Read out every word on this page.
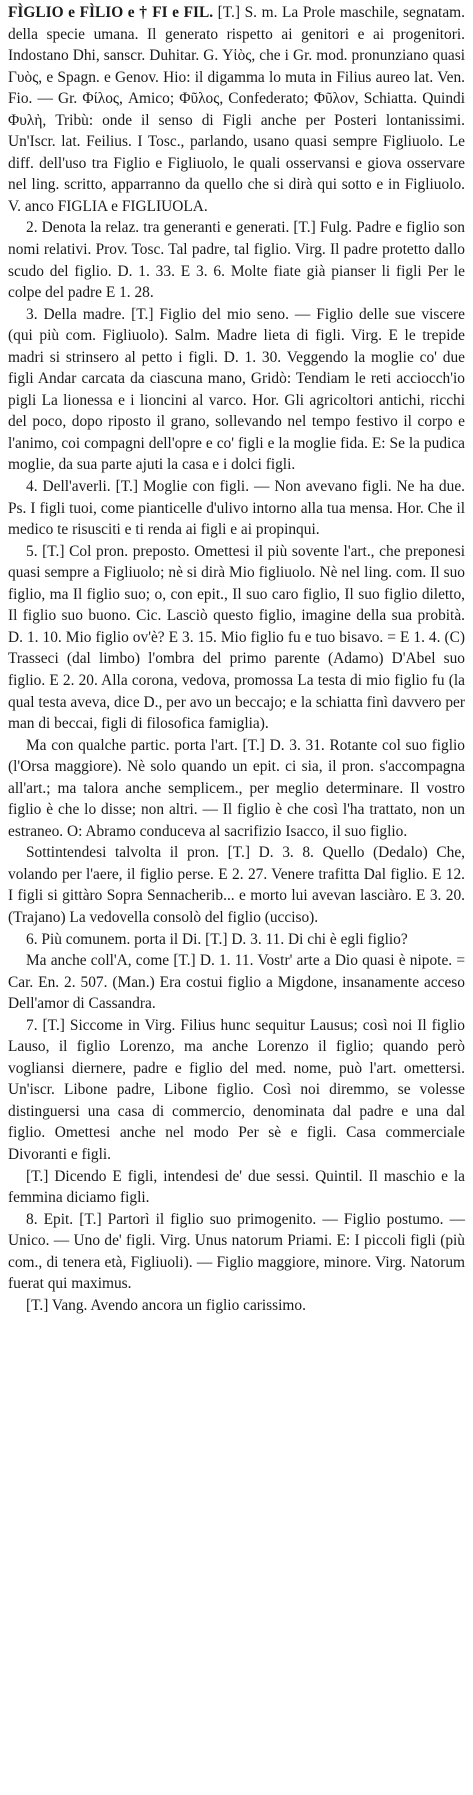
FÌGLIO e FÌLIO e † FI e FIL. [T.] S. m. La Prole maschile, segnatam. della specie umana. Il generato rispetto ai genitori e ai progenitori. Indostano Dhi, sanscr. Duhitar. G. Υἱὸς, che i Gr. mod. pronunziano quasi Γυὸς, e Spagn. e Genov. Hio: il digamma lo muta in Filius aureo lat. Ven. Fio. — Gr. Φίλος, Amico; Φῦλος, Confederato; Φῦλον, Schiatta. Quindi Φυλὴ, Tribù: onde il senso di Figli anche per Posteri lontanissimi. Un'Iscr. lat. Feilius. I Tosc., parlando, usano quasi sempre Figliuolo. Le diff. dell'uso tra Figlio e Figliuolo, le quali osservansi e giova osservare nel ling. scritto, apparranno da quello che si dirà qui sotto e in Figliuolo. V. anco FIGLIA e FIGLIUOLA.

2. Denota la relaz. tra generanti e generati. [T.] Fulg. Padre e figlio son nomi relativi. Prov. Tosc. Tal padre, tal figlio. Virg. Il padre protetto dallo scudo del figlio. D. 1. 33. E 3. 6. Molte fiate già pianser li figli Per le colpe del padre E 1. 28.

3. Della madre. [T.] Figlio del mio seno. — Figlio delle sue viscere (qui più com. Figliuolo). Salm. Madre lieta di figli. Virg. E le trepide madri si strinsero al petto i figli. D. 1. 30. Veggendo la moglie co' due figli Andar carcata da ciascuna mano, Gridò: Tendiam le reti acciocch'io pigli La lionessa e i lioncini al varco. Hor. Gli agricoltori antichi, ricchi del poco, dopo riposto il grano, sollevando nel tempo festivo il corpo e l'animo, coi compagni dell'opre e co' figli e la moglie fida. E: Se la pudica moglie, da sua parte ajuti la casa e i dolci figli.

4. Dell'averli. [T.] Moglie con figli. — Non avevano figli. Ne ha due. Ps. I figli tuoi, come pianticelle d'ulivo intorno alla tua mensa. Hor. Che il medico te risusciti e ti renda ai figli e ai propinqui.

5. [T.] Col pron. preposto. Omettesi il più sovente l'art., che preponesi quasi sempre a Figliuolo; nè si dirà Mio figliuolo. Nè nel ling. com. Il suo figlio, ma Il figlio suo; o, con epit., Il suo caro figlio, Il suo figlio diletto, Il figlio suo buono. Cic. Lasciò questo figlio, imagine della sua probità. D. 1. 10. Mio figlio ov'è? E 3. 15. Mio figlio fu e tuo bisavo. = E 1. 4. (C) Trasseci (dal limbo) l'ombra del primo parente (Adamo) D'Abel suo figlio. E 2. 20. Alla corona, vedova, promossa La testa di mio figlio fu (la qual testa aveva, dice D., per avo un beccajo; e la schiatta finì davvero per man di beccai, figli di filosofica famiglia).

Ma con qualche partic. porta l'art. [T.] D. 3. 31. Rotante col suo figlio (l'Orsa maggiore). Nè solo quando un epit. ci sia, il pron. s'accompagna all'art.; ma talora anche semplicem., per meglio determinare. Il vostro figlio è che lo disse; non altri. — Il figlio è che così l'ha trattato, non un estraneo. O: Abramo conduceva al sacrifizio Isacco, il suo figlio.

Sottintendesi talvolta il pron. [T.] D. 3. 8. Quello (Dedalo) Che, volando per l'aere, il figlio perse. E 2. 27. Venere trafitta Dal figlio. E 12. I figli si gittàro Sopra Sennacherib... e morto lui avevan lasciàro. E 3. 20. (Trajano) La vedovella consolò del figlio (ucciso).

6. Più comunem. porta il Di. [T.] D. 3. 11. Di chi è egli figlio?

Ma anche coll'A, come [T.] D. 1. 11. Vostr' arte a Dio quasi è nipote. = Car. En. 2. 507. (Man.) Era costui figlio a Migdone, insanamente acceso Dell'amor di Cassandra.

7. [T.] Siccome in Virg. Filius hunc sequitur Lausus; così noi Il figlio Lauso, il figlio Lorenzo, ma anche Lorenzo il figlio; quando però vogliansi diernere, padre e figlio del med. nome, può l'art. omettersi. Un'iscr. Libone padre, Libone figlio. Così noi diremmo, se volesse distinguersi una casa di commercio, denominata dal padre e una dal figlio. Omettesi anche nel modo Per sè e figli. Casa commerciale Divoranti e figli.

[T.] Dicendo E figli, intendesi de' due sessi. Quintil. Il maschio e la femmina diciamo figli.

8. Epit. [T.] Partorì il figlio suo primogenito. — Figlio postumo. — Unico. — Uno de' figli. Virg. Unus natorum Priami. E: I piccoli figli (più com., di tenera età, Figliuoli). — Figlio maggiore, minore. Virg. Natorum fuerat qui maximus.

[T.] Vang. Avendo ancora un figlio carissimo.
